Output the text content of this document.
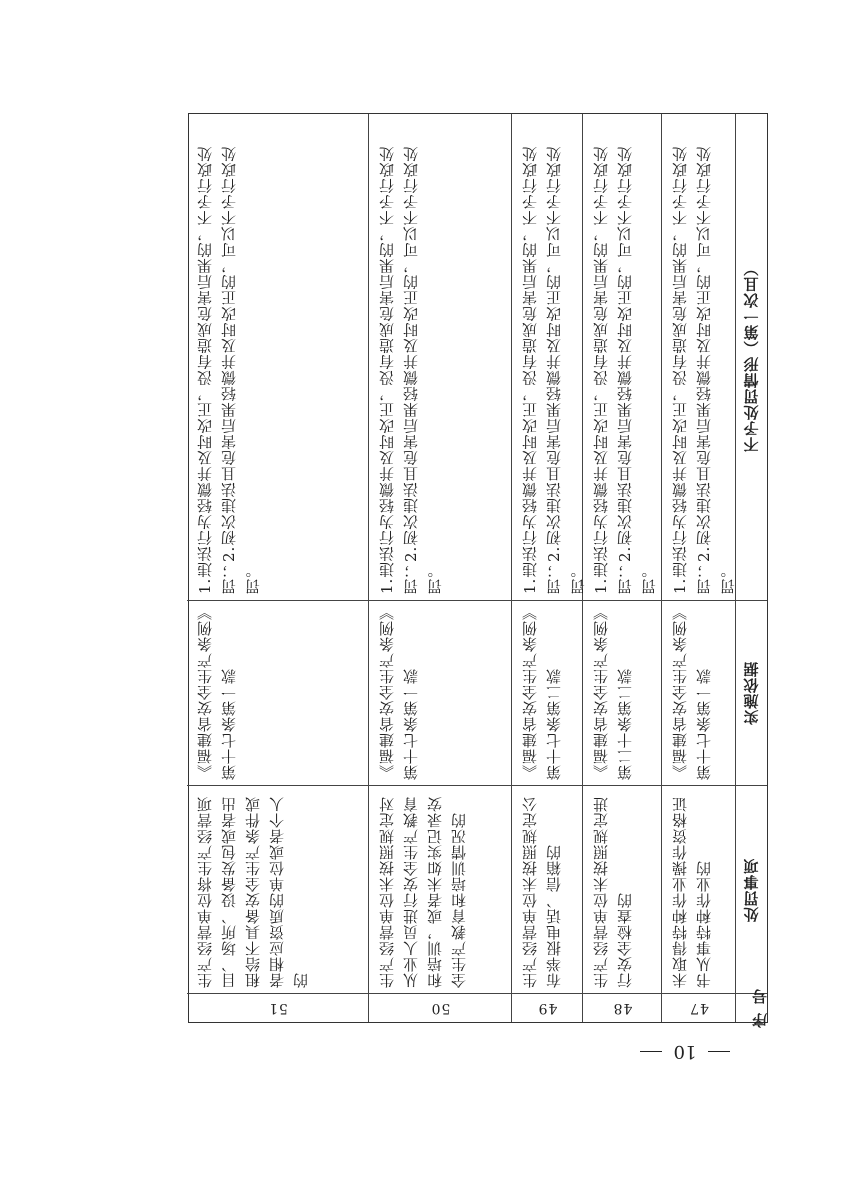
序号
处罚事项
实施依据
不予处罚情形（第一次且）
47
未取得特种作业操作资格证书从事特种作业的
《福建省安全生产条例》第十七条第一款
1.违法行为轻微并及时改正，没有造成危害后果的，不予行政处罚；2.初次违法且危害后果轻微并及时改正的，可以不予行政处罚。
48
生产经营单位未按照规定进行安全检查的
《福建省安全生产条例》第二十条第二款
1.违法行为轻微并及时改正，没有造成危害后果的，不予行政处罚；2.初次违法且危害后果轻微并及时改正的，可以不予行政处罚。
49
生产经营单位未按照规定公布举报电话、信箱的
《福建省安全生产条例》第十七条第二款
1.违法行为轻微并及时改正，没有造成危害后果的，不予行政处罚；2.初次违法且危害后果轻微并及时改正的，可以不予行政处罚。
50
生产经营单位未按照规定对从业人员进行安全生产教育和培训，或者未如实记录安全生产教育和培训情况的
《福建省安全生产条例》第十七条第一款
1.违法行为轻微并及时改正，没有造成危害后果的，不予行政处罚；2.初次违法且危害后果轻微并及时改正的，可以不予行政处罚。
51
生产经营单位将生产经营项目、场所、设备发包或者出租给不具备安全生产条件或者相应资质的单位或者个人的
《福建省安全生产条例》第十七条第一款
1.违法行为轻微并及时改正，没有造成危害后果的，不予行政处罚；2.初次违法且危害后果轻微并及时改正的，可以不予行政处罚。
10
